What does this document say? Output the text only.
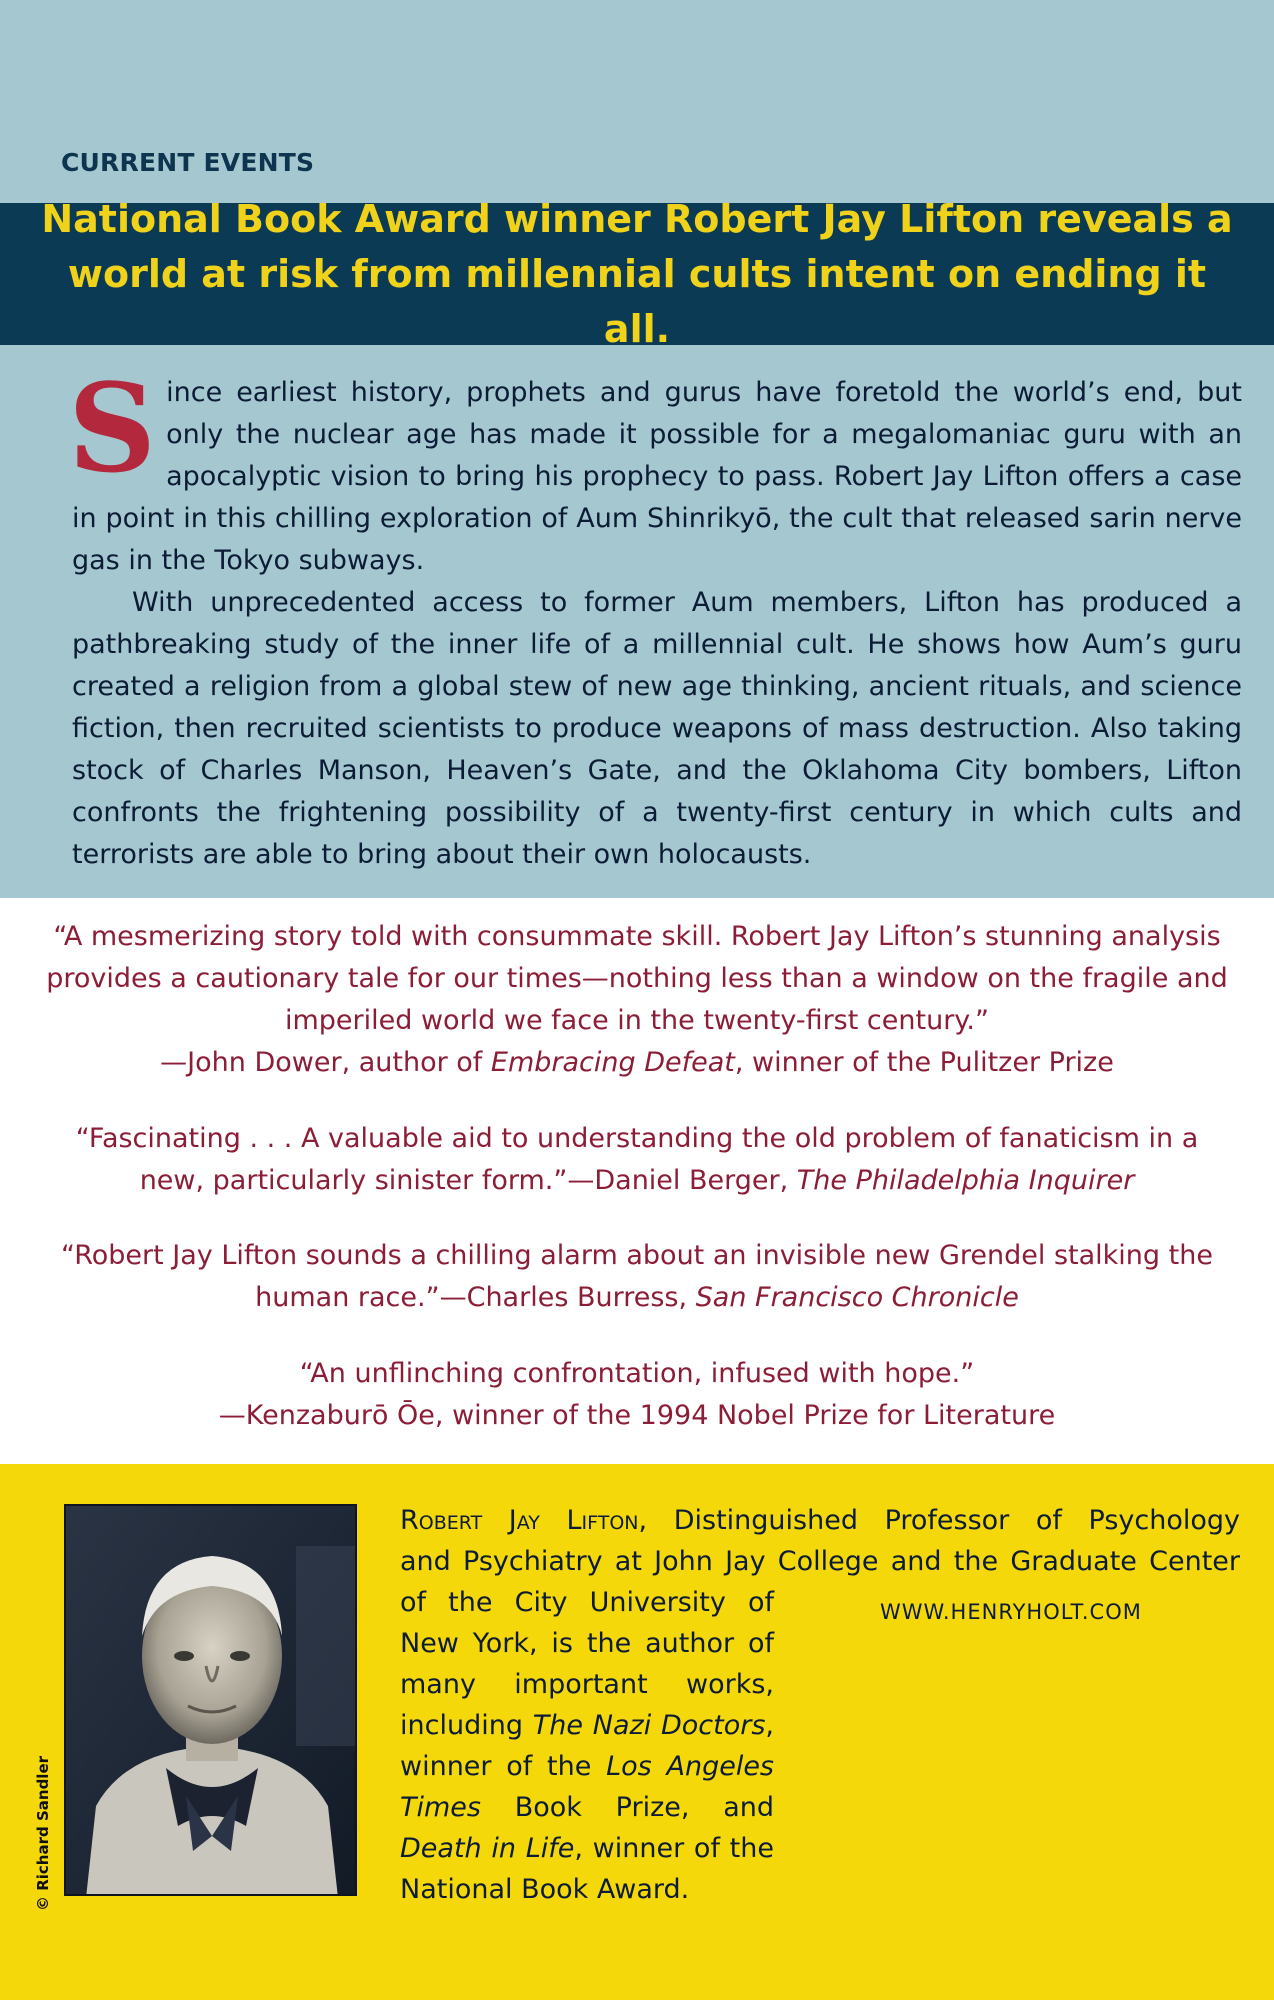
CURRENT EVENTS
National Book Award winner Robert Jay Lifton reveals a world at risk from millennial cults intent on ending it all.

Since earliest history, prophets and gurus have foretold the world’s end, but only the nuclear age has made it possible for a megalomaniac guru with an apocalyptic vision to bring his prophecy to pass. Robert Jay Lifton offers a case in point in this chilling exploration of Aum Shinrikyō, the cult that released sarin nerve gas in the Tokyo subways.

With unprecedented access to former Aum members, Lifton has produced a pathbreaking study of the inner life of a millennial cult. He shows how Aum’s guru created a religion from a global stew of new age thinking, ancient rituals, and science fiction, then recruited scientists to produce weapons of mass destruction. Also taking stock of Charles Manson, Heaven’s Gate, and the Oklahoma City bombers, Lifton confronts the frightening possibility of a twenty-first century in which cults and terrorists are able to bring about their own holocausts.

“A mesmerizing story told with consummate skill. Robert Jay Lifton’s stunning analysis provides a cautionary tale for our times—nothing less than a window on the fragile and imperiled world we face in the twenty-first century.”
—John Dower, author of Embracing Defeat, winner of the Pulitzer Prize
“Fascinating . . . A valuable aid to understanding the old problem of fanaticism in a new, particularly sinister form.”—Daniel Berger, The Philadelphia Inquirer
“Robert Jay Lifton sounds a chilling alarm about an invisible new Grendel stalking the human race.”—Charles Burress, San Francisco Chronicle
“An unflinching confrontation, infused with hope.”
—Kenzaburō Ōe, winner of the 1994 Nobel Prize for Literature
© Richard Sandler
Robert Jay Lifton, Distinguished Professor of Psychology
and Psychiatry at John Jay College and the Graduate Center
of the City University of New York, is the author of many important works, including The Nazi Doctors, winner of the Los Angeles Times Book Prize, and Death in Life, winner of the National Book Award.
WWW.HENRYHOLT.COM
